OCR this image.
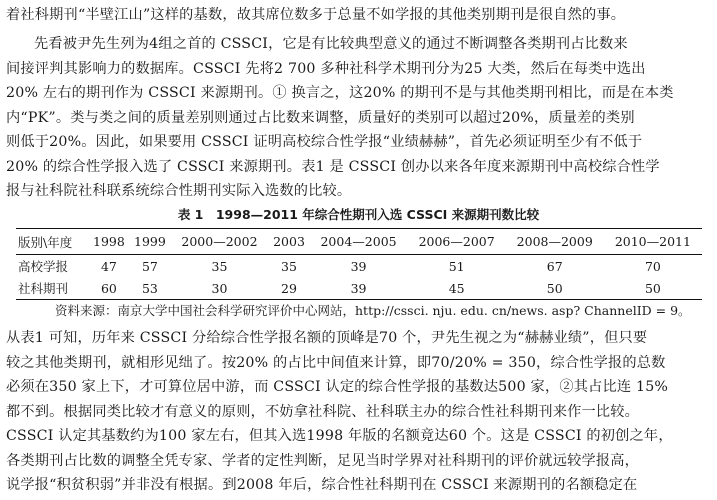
着社科期刊“半壁江山”这样的基数，故其席位数多于总量不如学报的其他类别期刊是很自然的事。
先看被尹先生列为4组之首的 CSSCI，它是有比较典型意义的通过不断调整各类期刊占比数来
间接评判其影响力的数据库。CSSCI 先将2 700 多种社科学术期刊分为25 大类，然后在每类中选出
20% 左右的期刊作为 CSSCI 来源期刊。① 换言之，这20% 的期刊不是与其他类期刊相比，而是在本类
内“PK”。类与类之间的质量差别则通过占比数来调整，质量好的类别可以超过20%，质量差的类别
则低于20%。因此，如果要用 CSSCI 证明高校综合性学报“业绩赫赫”，首先必须证明至少有不低于
20% 的综合性学报入选了 CSSCI 来源期刊。表1 是 CSSCI 创办以来各年度来源期刊中高校综合性学
报与社科院社科联系统综合性期刊实际入选数的比较。
表 1　1998—2011 年综合性期刊入选 CSSCI 来源期刊数比较
版别\年度	1998	1999	2000—2002	2003	2004—2005	2006—2007	2008—2009	2010—2011
高校学报	47	57	35	35	39	51	67	70
社科期刊	60	53	30	29	39	45	50	50
资料来源：南京大学中国社会科学研究评价中心网站，http://cssci. nju. edu. cn/news. asp? ChannelID = 9。
从表1 可知，历年来 CSSCI 分给综合性学报名额的顶峰是70 个，尹先生视之为“赫赫业绩”，但只要
较之其他类期刊，就相形见绌了。按20% 的占比中间值来计算，即70/20% = 350，综合性学报的总数
必须在350 家上下，才可算位居中游，而 CSSCI 认定的综合性学报的基数达500 家，②其占比连 15%
都不到。根据同类比较才有意义的原则，不妨拿社科院、社科联主办的综合性社科期刊来作一比较。
CSSCI 认定其基数约为100 家左右，但其入选1998 年版的名额竟达60 个。这是 CSSCI 的初创之年，
各类期刊占比数的调整全凭专家、学者的定性判断，足见当时学界对社科期刊的评价就远较学报高，
说学报“积贫积弱”并非没有根据。到2008 年后，综合性社科期刊在 CSSCI 来源期刊的名额稳定在
